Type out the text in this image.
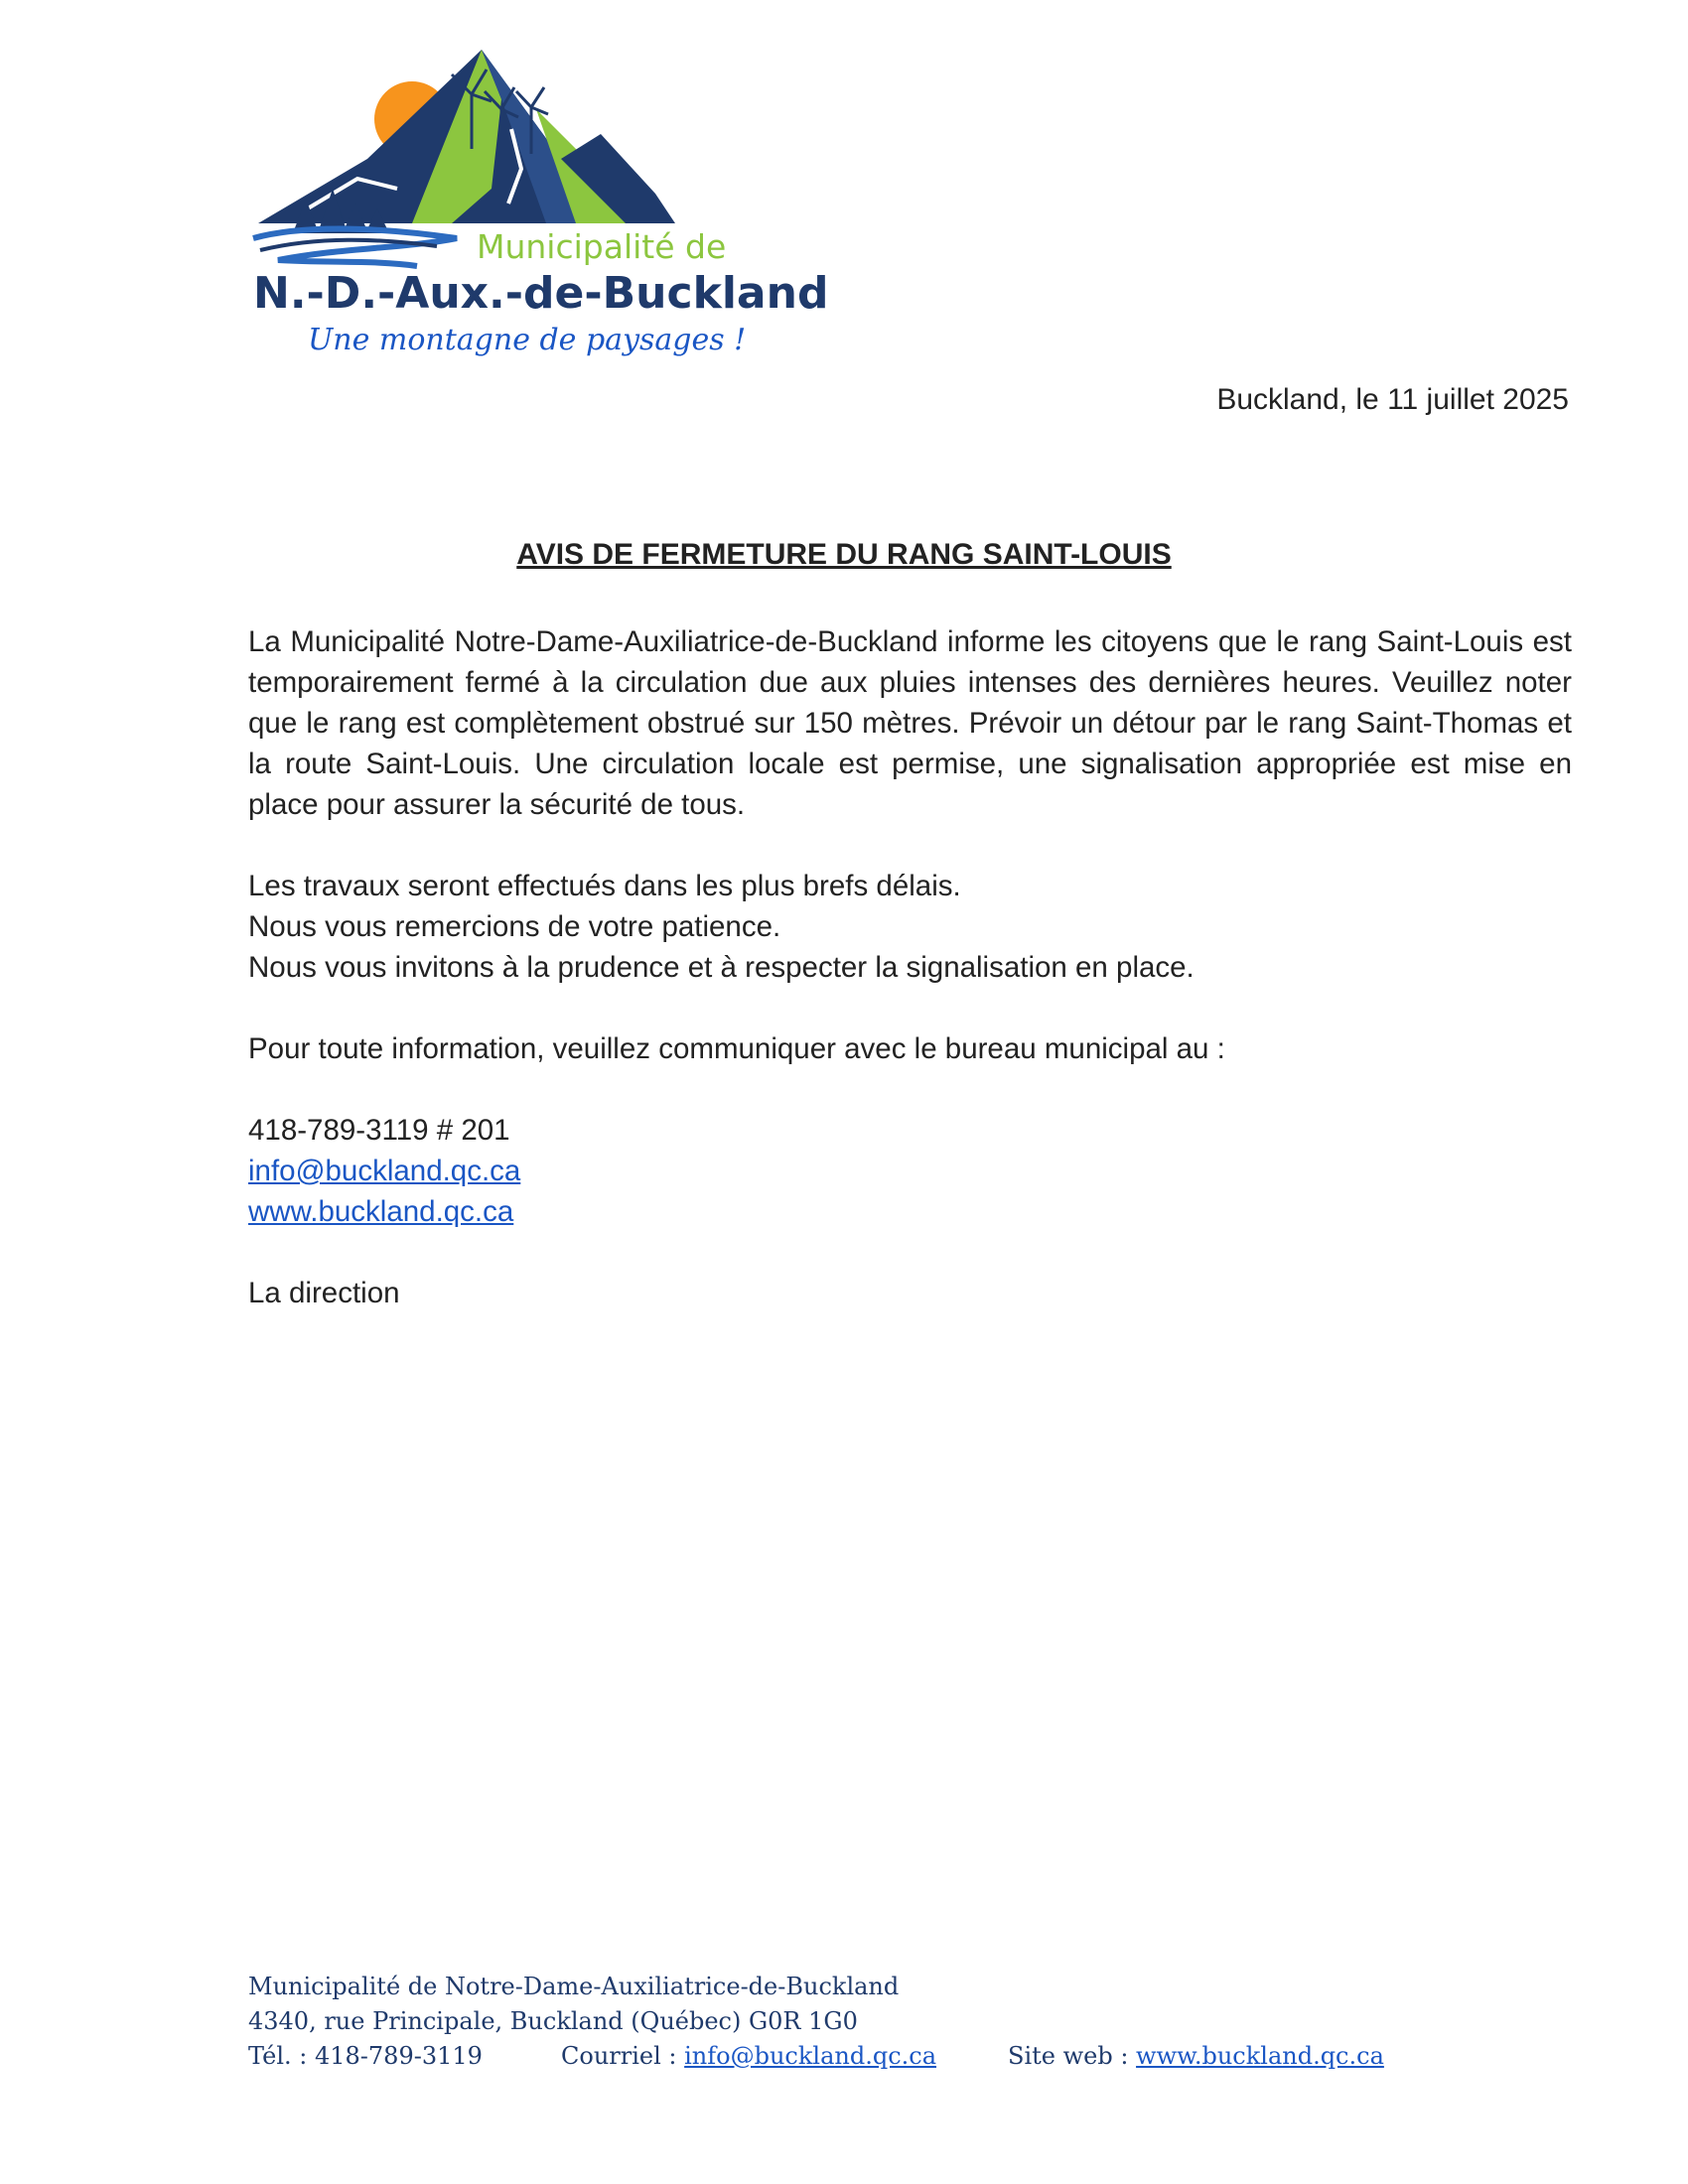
Municipalité de
N.-D.-Aux.-de-Buckland
Une montagne de paysages !
Buckland, le 11 juillet 2025
AVIS DE FERMETURE DU RANG SAINT-LOUIS

La Municipalité Notre-Dame-Auxiliatrice-de-Buckland informe les citoyens que le rang Saint-Louis est temporairement fermé à la circulation due aux pluies intenses des dernières heures. Veuillez noter que le rang est complètement obstrué sur 150 mètres. Prévoir un détour par le rang Saint-Thomas et la route Saint-Louis. Une circulation locale est permise, une signalisation appropriée est mise en place pour assurer la sécurité de tous.

Les travaux seront effectués dans les plus brefs délais.

Nous vous remercions de votre patience.

Nous vous invitons à la prudence et à respecter la signalisation en place.

Pour toute information, veuillez communiquer avec le bureau municipal au :

418-789-3119 # 201

info@buckland.qc.ca

www.buckland.qc.ca

La direction

Municipalité de Notre-Dame-Auxiliatrice-de-Buckland
4340, rue Principale, Buckland (Québec) G0R 1G0
Tél. : 418-789-3119	Courriel : info@buckland.qc.ca	Site web : www.buckland.qc.ca
